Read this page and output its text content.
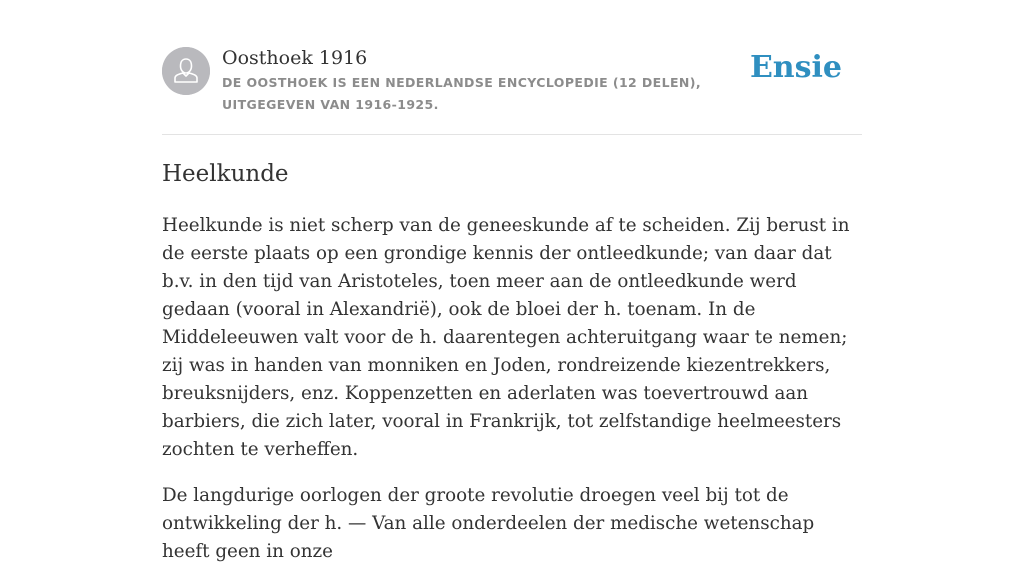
Oosthoek 1916

DE OOSTHOEK IS EEN NEDERLANDSE ENCYCLOPEDIE (12 DELEN), UITGEGEVEN VAN 1916-1925.

Ensie
Heelkunde

Heelkunde is niet scherp van de geneeskunde af te scheiden. Zij berust in de eerste plaats op een grondige kennis der ontleedkunde; van daar dat b.v. in den tijd van Aristoteles, toen meer aan de ontleedkunde werd gedaan (vooral in Alexandrië), ook de bloei der h. toenam. In de Middeleeuwen valt voor de h. daarentegen achteruitgang waar te nemen; zij was in handen van monniken en Joden, rondreizende kiezentrekkers, breuksnijders, enz. Koppenzetten en aderlaten was toevertrouwd aan barbiers, die zich later, vooral in Frankrijk, tot zelfstandige heelmeesters zochten te verheffen.

De langdurige oorlogen der groote revolutie droegen veel bij tot de ontwikkeling der h. — Van alle onderdeelen der medische wetenschap heeft geen in onze
